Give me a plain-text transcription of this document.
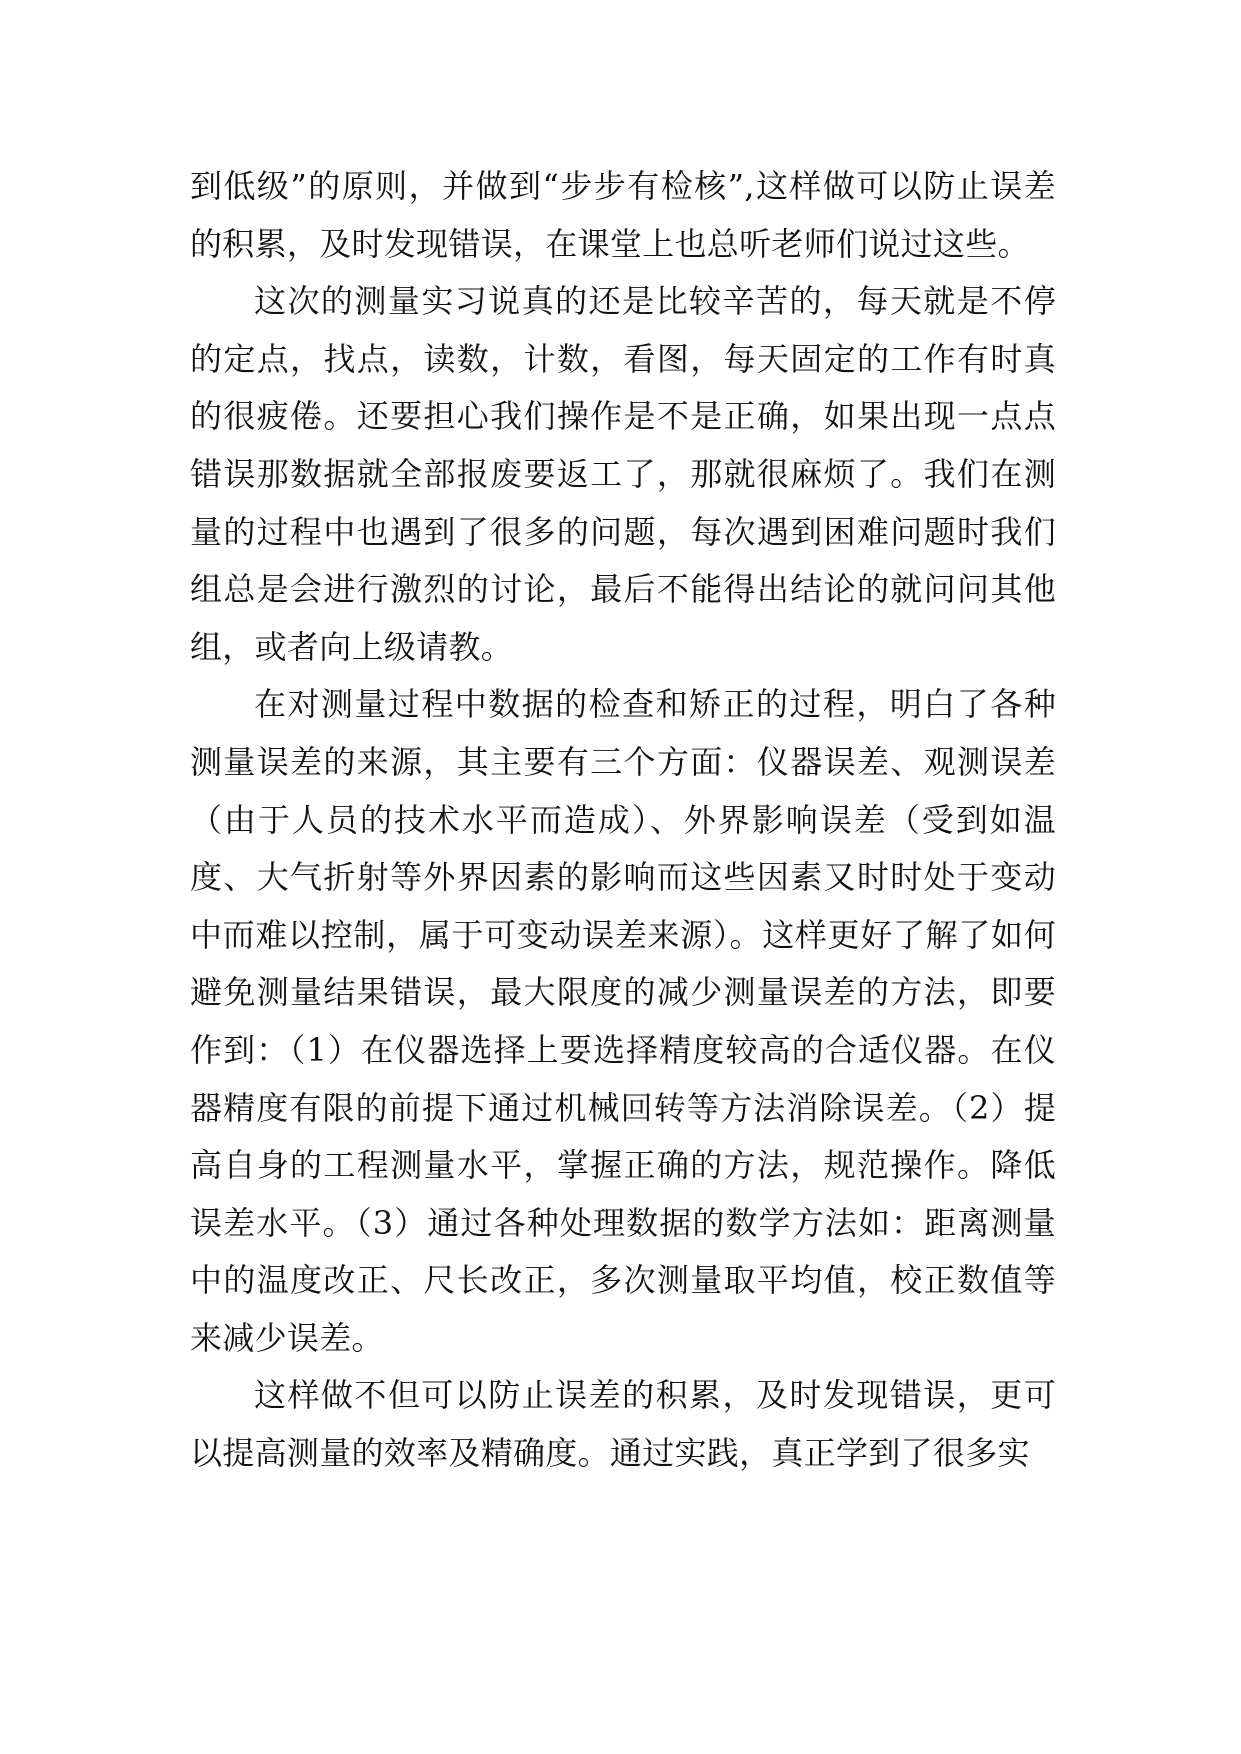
到低级”的原则，并做到“步步有检核”,这样做可以防止误差的积累，及时发现错误，在课堂上也总听老师们说过这些。

这次的测量实习说真的还是比较辛苦的，每天就是不停的定点，找点，读数，计数，看图，每天固定的工作有时真的很疲倦。还要担心我们操作是不是正确，如果出现一点点错误那数据就全部报废要返工了，那就很麻烦了。我们在测量的过程中也遇到了很多的问题，每次遇到困难问题时我们组总是会进行激烈的讨论，最后不能得出结论的就问问其他组，或者向上级请教。

在对测量过程中数据的检查和矫正的过程，明白了各种测量误差的来源，其主要有三个方面：仪器误差、观测误差（由于人员的技术水平而造成）、外界影响误差（受到如温度、大气折射等外界因素的影响而这些因素又时时处于变动中而难以控制，属于可变动误差来源）。这样更好了解了如何避免测量结果错误，最大限度的减少测量误差的方法，即要作到：（1）在仪器选择上要选择精度较高的合适仪器。在仪器精度有限的前提下通过机械回转等方法消除误差。（2）提高自身的工程测量水平，掌握正确的方法，规范操作。降低误差水平。（3）通过各种处理数据的数学方法如：距离测量中的温度改正、尺长改正，多次测量取平均值，校正数值等来减少误差。

这样做不但可以防止误差的积累，及时发现错误，更可以提高测量的效率及精确度。通过实践，真正学到了很多实
